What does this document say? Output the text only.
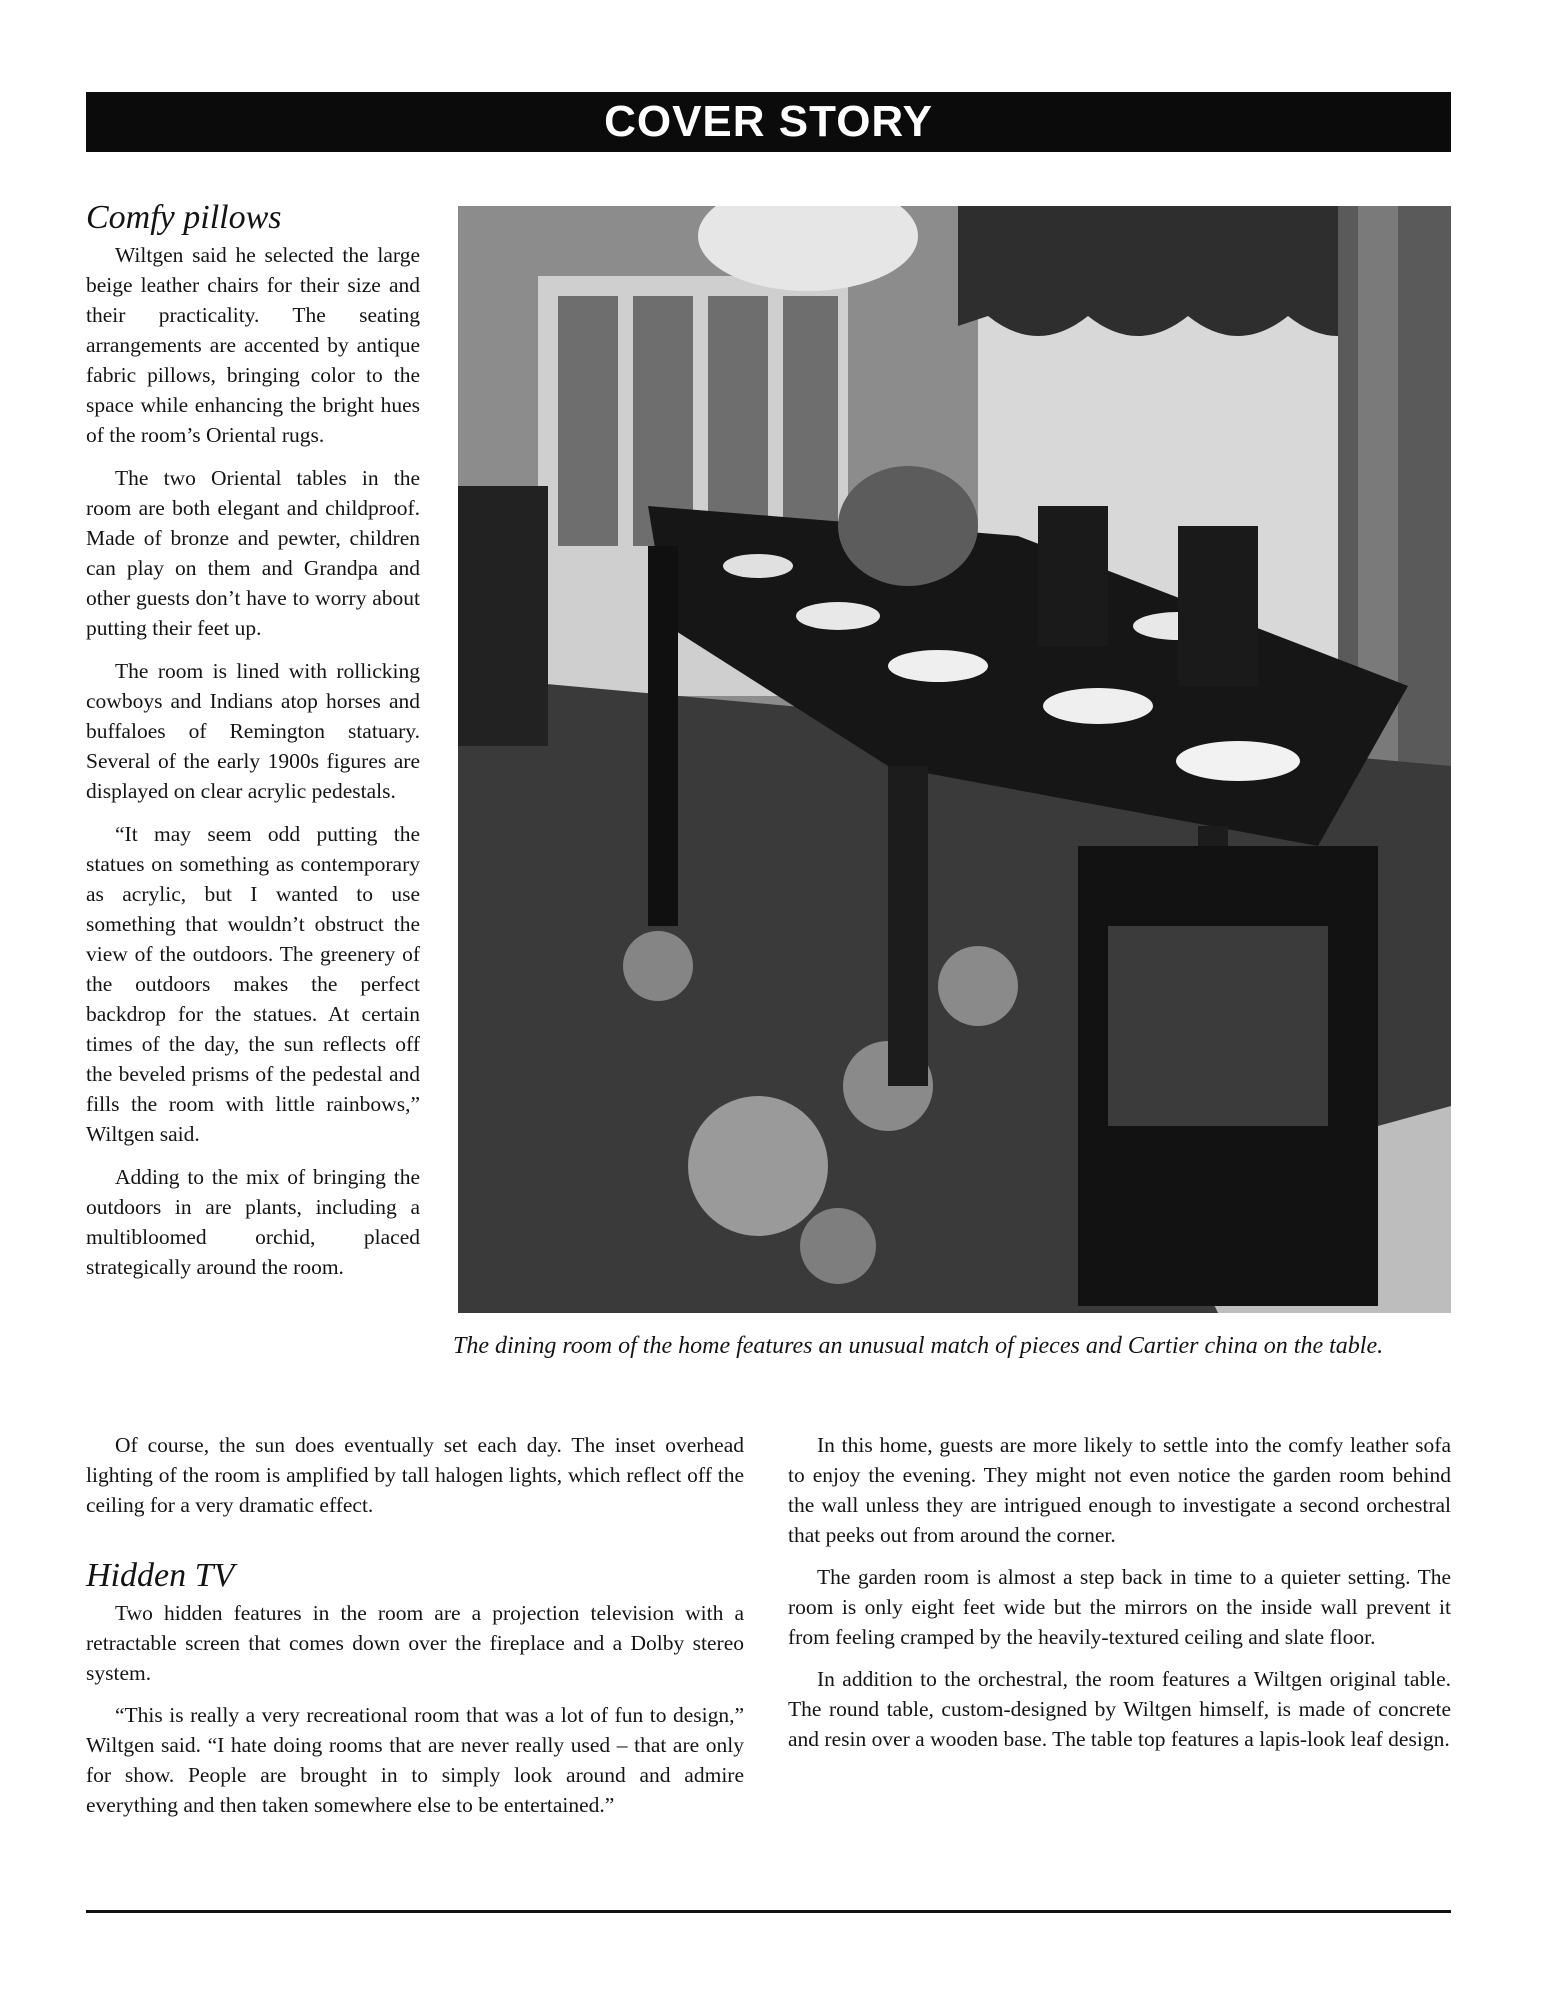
COVER STORY
Comfy pillows

Wiltgen said he selected the large beige leather chairs for their size and their practicality. The seating arrangements are accented by antique fabric pillows, bringing color to the space while enhancing the bright hues of the room’s Oriental rugs.

The two Oriental tables in the room are both elegant and childproof. Made of bronze and pewter, children can play on them and Grandpa and other guests don’t have to worry about putting their feet up.

The room is lined with rollicking cowboys and Indians atop horses and buffaloes of Remington statuary. Several of the early 1900s figures are displayed on clear acrylic pedestals.

“It may seem odd putting the statues on something as contemporary as acrylic, but I wanted to use something that wouldn’t obstruct the view of the outdoors. The greenery of the outdoors makes the perfect backdrop for the statues. At certain times of the day, the sun reflects off the beveled prisms of the pedestal and fills the room with little rainbows,” Wiltgen said.

Adding to the mix of bringing the outdoors in are plants, including a multibloomed orchid, placed strategically around the room.

The dining room of the home features an unusual match of pieces and Cartier china on the table.

Of course, the sun does eventually set each day. The inset overhead lighting of the room is amplified by tall halogen lights, which reflect off the ceiling for a very dramatic effect.

Hidden TV

Two hidden features in the room are a projection television with a retractable screen that comes down over the fireplace and a Dolby stereo system.

“This is really a very recreational room that was a lot of fun to design,” Wiltgen said. “I hate doing rooms that are never really used – that are only for show. People are brought in to simply look around and admire everything and then taken somewhere else to be entertained.”

In this home, guests are more likely to settle into the comfy leather sofa to enjoy the evening. They might not even notice the garden room behind the wall unless they are intrigued enough to investigate a second orchestral that peeks out from around the corner.

The garden room is almost a step back in time to a quieter setting. The room is only eight feet wide but the mirrors on the inside wall prevent it from feeling cramped by the heavily-textured ceiling and slate floor.

In addition to the orchestral, the room features a Wiltgen original table. The round table, custom-designed by Wiltgen himself, is made of concrete and resin over a wooden base. The table top features a lapis-look leaf design.
